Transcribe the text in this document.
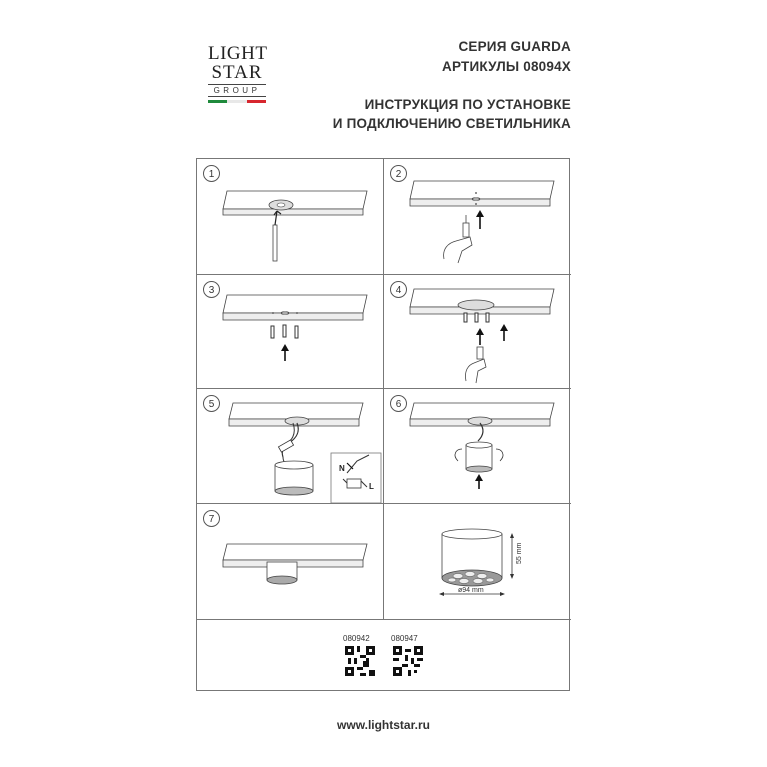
LIGHT
STAR
GROUP
СЕРИЯ GUARDA
АРТИКУЛЫ 08094X
ИНСТРУКЦИЯ ПО УСТАНОВКЕ
И ПОДКЛЮЧЕНИЮ СВЕТИЛЬНИКА
1	2
3	4
N
L
5	6
7
55 mm
ø94 mm
080942	080947
www.lightstar.ru
